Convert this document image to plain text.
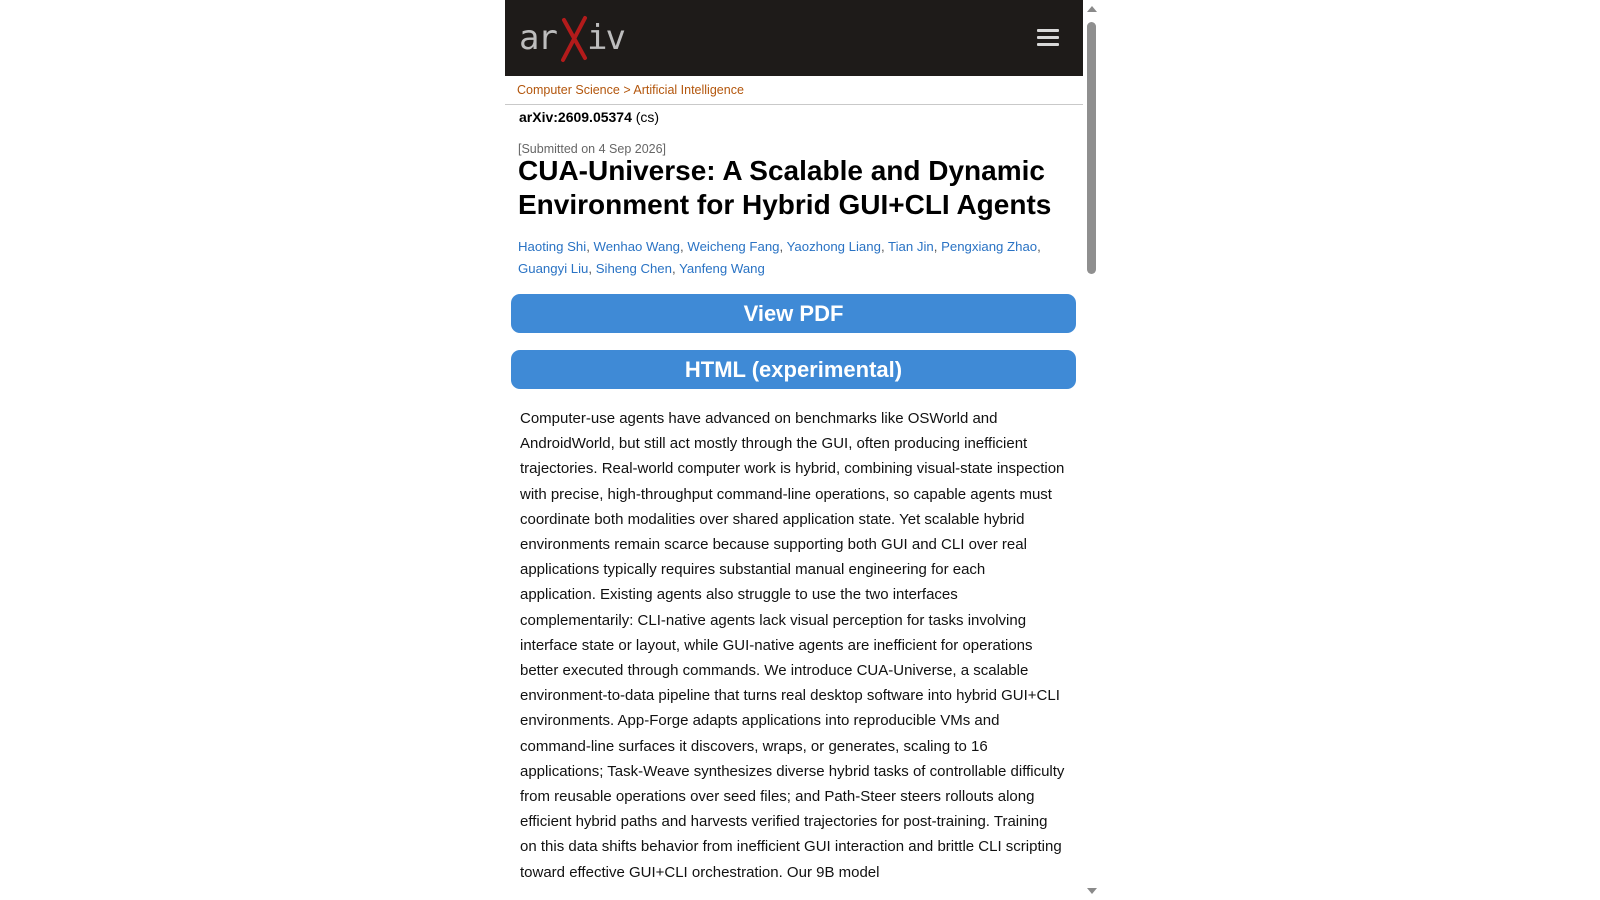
ar iv
Computer Science > Artificial Intelligence
arXiv:2609.05374 (cs)
[Submitted on 4 Sep 2026]
CUA-Universe: A Scalable and Dynamic Environment for Hybrid GUI+CLI Agents
Haoting Shi, Wenhao Wang, Weicheng Fang, Yaozhong Liang, Tian Jin, Pengxiang Zhao, Guangyi Liu, Siheng Chen, Yanfeng Wang
View PDF
HTML (experimental)

Computer-use agents have advanced on benchmarks like OSWorld and AndroidWorld, but still act mostly through the GUI, often producing inefficient trajectories. Real-world computer work is hybrid, combining visual-state inspection with precise, high-throughput command-line operations, so capable agents must coordinate both modalities over shared application state. Yet scalable hybrid environments remain scarce because supporting both GUI and CLI over real applications typically requires substantial manual engineering for each application. Existing agents also struggle to use the two interfaces complementarily: CLI-native agents lack visual perception for tasks involving interface state or layout, while GUI-native agents are inefficient for operations better executed through commands. We introduce CUA-Universe, a scalable environment-to-data pipeline that turns real desktop software into hybrid GUI+CLI environments. App-Forge adapts applications into reproducible VMs and command-line surfaces it discovers, wraps, or generates, scaling to 16 applications; Task-Weave synthesizes diverse hybrid tasks of controllable difficulty from reusable operations over seed files; and Path-Steer steers rollouts along efficient hybrid paths and harvests verified trajectories for post-training. Training on this data shifts behavior from inefficient GUI interaction and brittle CLI scripting toward effective GUI+CLI orchestration. Our 9B model
